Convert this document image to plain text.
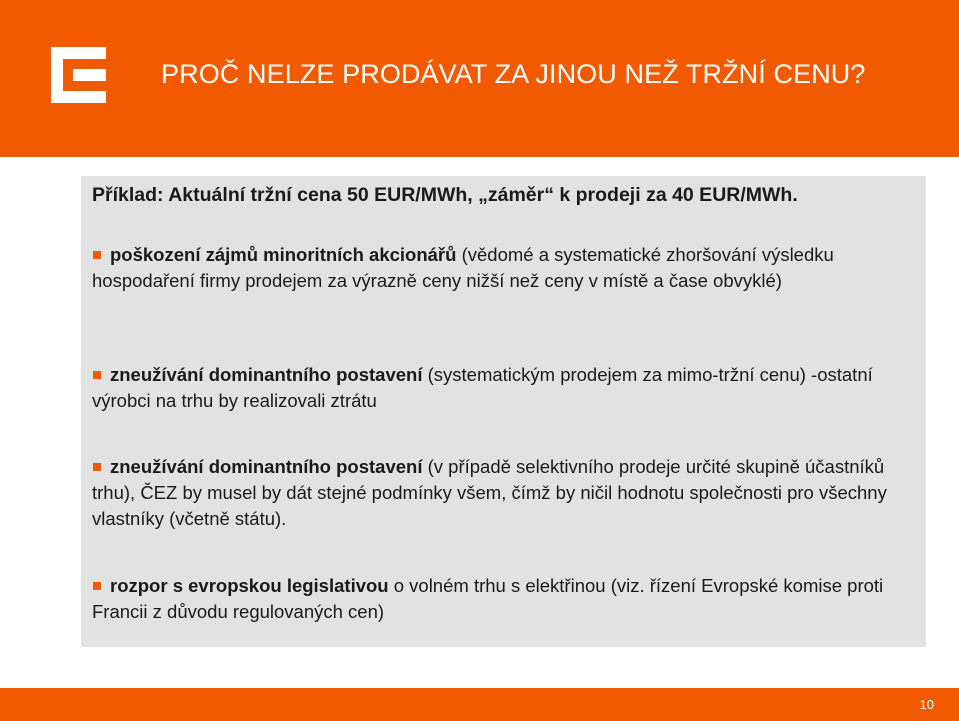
PROČ NELZE PRODÁVAT ZA JINOU NEŽ TRŽNÍ CENU?
Příklad: Aktuální tržní cena 50 EUR/MWh, „záměr“ k prodeji za 40 EUR/MWh.
poškození zájmů minoritních akcionářů (vědomé a systematické zhoršování výsledku hospodaření firmy prodejem za výrazně ceny nižší než ceny v místě a čase obvyklé)
zneužívání dominantního postavení (systematickým prodejem za mimo-tržní cenu) -ostatní výrobci na trhu by realizovali ztrátu
zneužívání dominantního postavení (v případě selektivního prodeje určité skupině účastníků trhu), ČEZ by musel by dát stejné podmínky všem, čímž by ničil hodnotu společnosti pro všechny vlastníky (včetně státu).
rozpor s evropskou legislativou o volném trhu s elektřinou (viz. řízení Evropské komise proti Francii z důvodu regulovaných cen)
10
